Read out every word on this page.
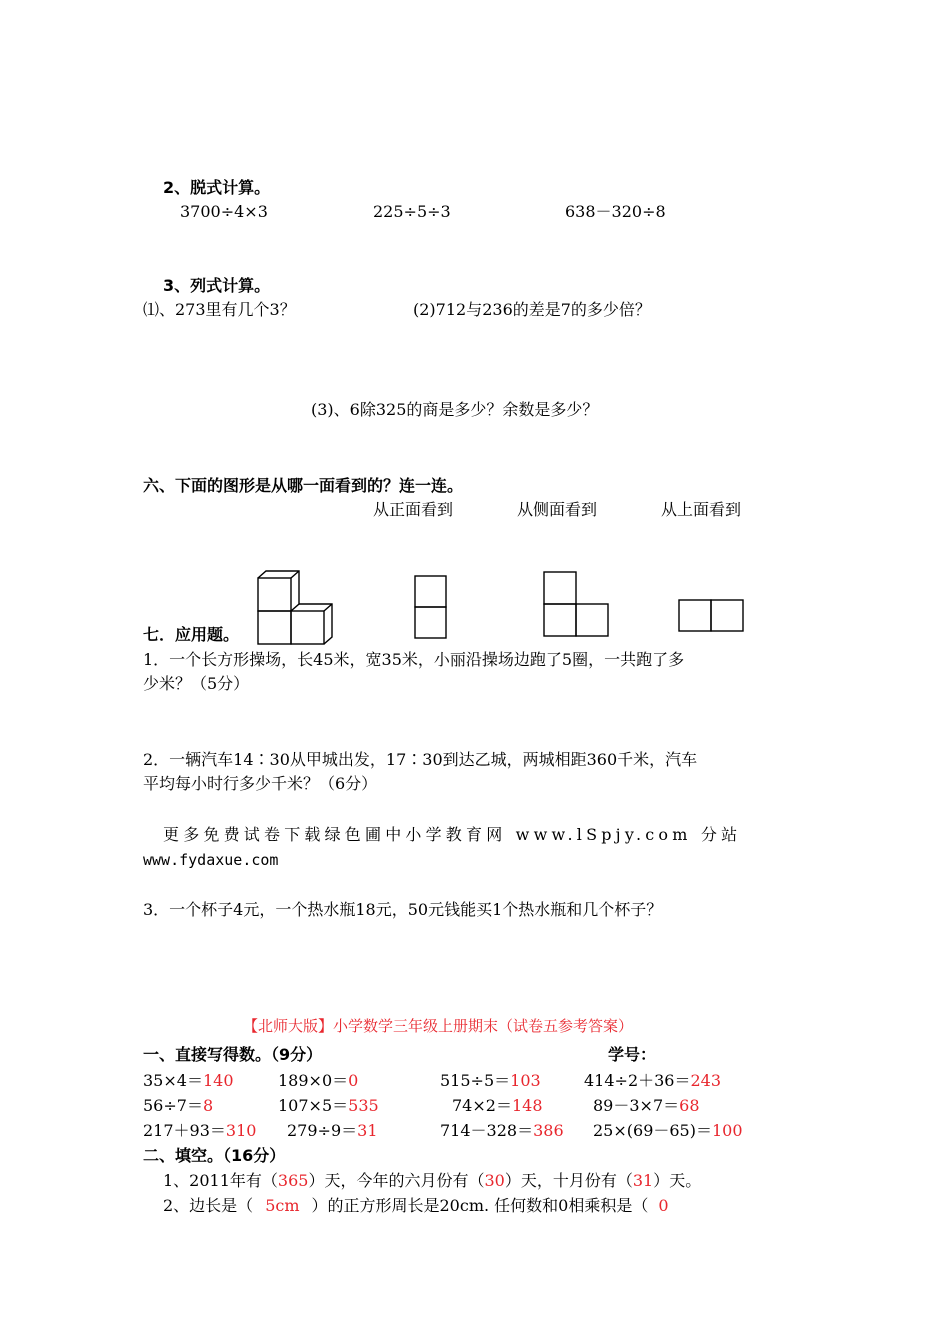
2、脱式计算。
3700÷4×3	225÷5÷3	638－320÷8
3、列式计算。
⑴、273里有几个3？	(2)712与236的差是7的多少倍？
(3)、6除325的商是多少？余数是多少？
六、下面的图形是从哪一面看到的？连一连。
从正面看到	从侧面看到	从上面看到
七．应用题。
1．一个长方形操场，长45米，宽35米，小丽沿操场边跑了5圈，一共跑了多
少米？（5分）
2．一辆汽车14∶30从甲城出发，17∶30到达乙城，两城相距360千米，汽车
平均每小时行多少千米？（6分）
更多免费试卷下载绿色圃中小学教育网 www.lSpjy.com 分站
www.fydaxue.com
3．一个杯子4元，一个热水瓶18元，50元钱能买1个热水瓶和几个杯子？
【北师大版】小学数学三年级上册期末（试卷五参考答案）
一、直接写得数。（9分）	学号：
35×4＝140	189×0＝0	515÷5＝103	414÷2＋36＝243
56÷7＝8	107×5＝535	74×2＝148	89－3×7＝68
217＋93＝310 279÷9＝31	714－328＝386 25×(69－65)＝100
二、填空。（16分）
1、2011年有（365）天，今年的六月份有（30）天，十月份有（31）天。
2、边长是（ 5cm ）的正方形周长是20cm. 任何数和0相乘积是（ 0
